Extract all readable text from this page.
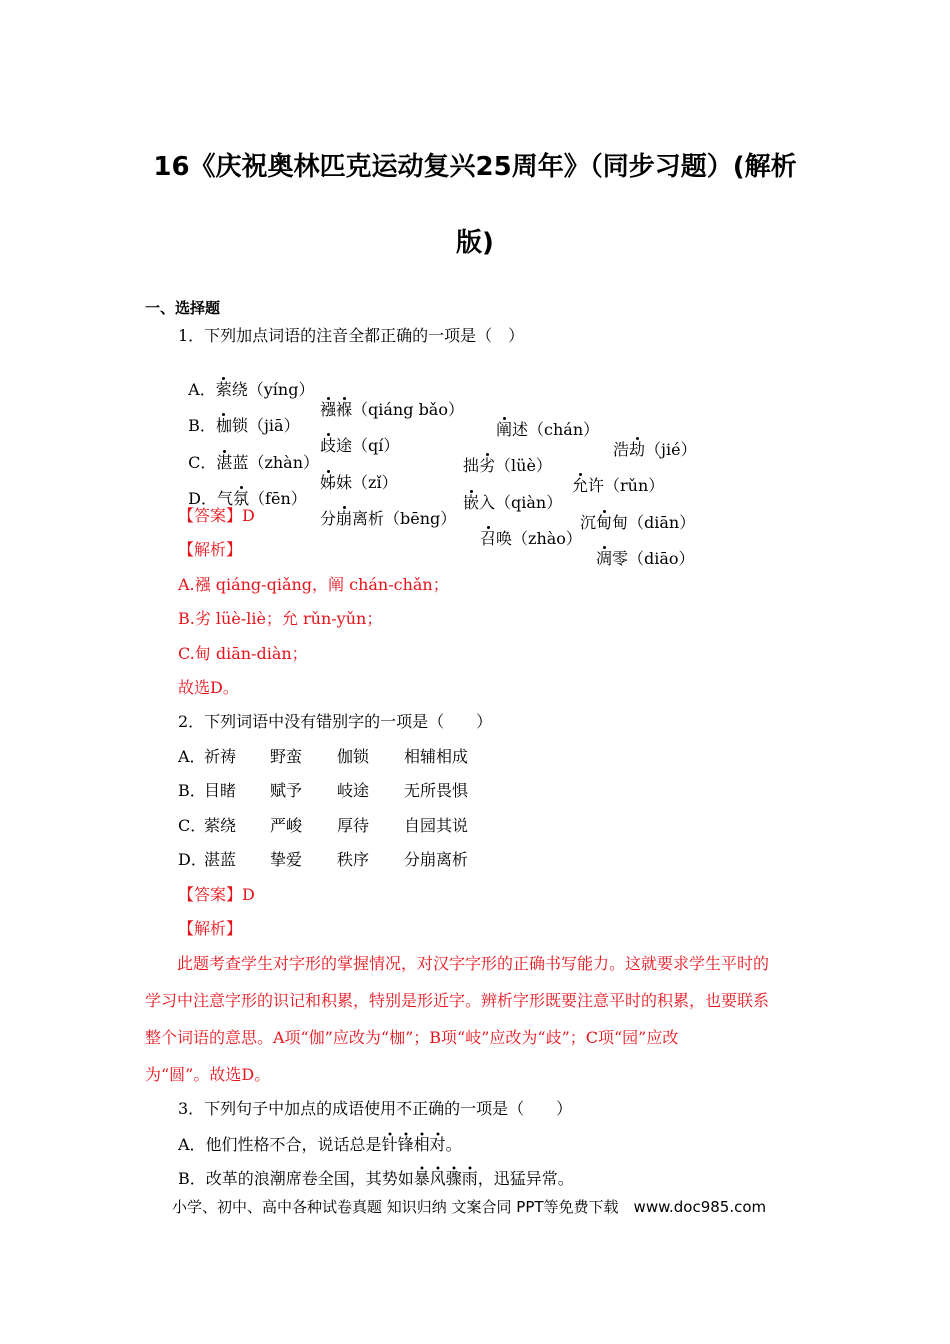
16《庆祝奥林匹克运动复兴25周年》（同步习题）(解析
版)
一、选择题
1．下列加点词语的注音全都正确的一项是（　）

A．萦绕（yíng）

襁褓（qiáng bǎo）

阐述（chán）

浩劫（jié）

B．枷锁（jiā）

歧途（qí）

拙劣（lüè）

允许（rǔn）

C．湛蓝（zhàn）

姊妹（zǐ）

嵌入（qiàn）

沉甸甸（diān）

D．气氛（fēn）

分崩离析（bēng）

召唤（zhào）

凋零（diāo）

【答案】D
【解析】
A.襁 qiáng-qiǎng，阐 chán-chǎn；
B.劣 lüè-liè；允 rǔn-yǔn；
C.甸 diān-diàn；
故选D。
2．下列词语中没有错别字的一项是（　　）
A．
祈祷 野蛮 伽锁 相辅相成
B．
目睹 赋予 岐途 无所畏惧
C．
萦绕 严峻 厚待 自园其说
D．
湛蓝 挚爱 秩序 分崩离析
【答案】D
【解析】
　　此题考查学生对字形的掌握情况，对汉字字形的正确书写能力。这就要求学生平时的
学习中注意字形的识记和积累，特别是形近字。辨析字形既要注意平时的积累，也要联系
整个词语的意思。A项“伽”应改为“枷”；B项“岐”应改为“歧”；C项“园”应改
为“圆”。故选D。
3．下列句子中加点的成语使用不正确的一项是（　　）
A．他们性格不合，说话总是针锋相对。
B．改革的浪潮席卷全国，其势如暴风骤雨，迅猛异常。
小学、初中、高中各种试卷真题 知识归纳 文案合同 PPT等免费下载　www.doc985.com
